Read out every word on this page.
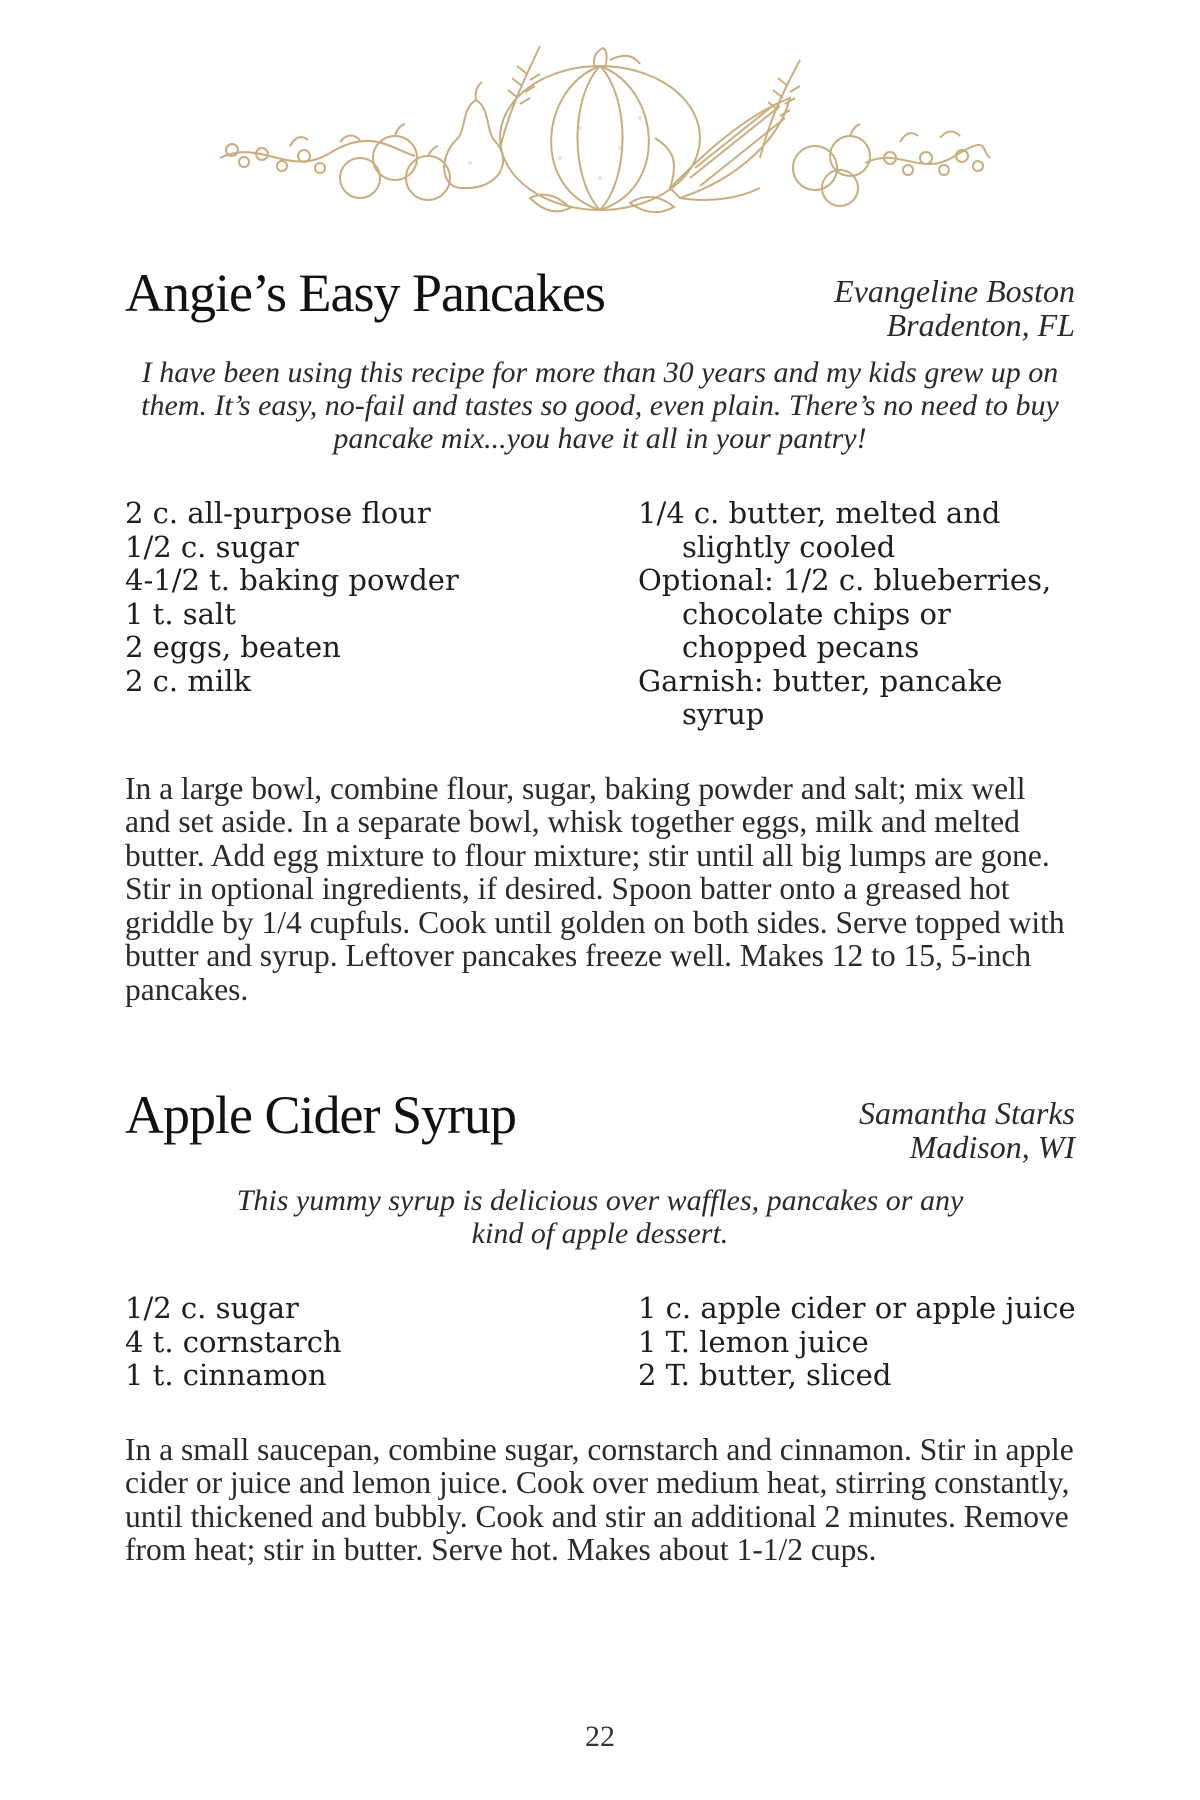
Angie’s Easy Pancakes	Evangeline Boston
Bradenton, FL

I have been using this recipe for more than 30 years and my kids grew up on them. It’s easy, no-fail and tastes so good, even plain. There’s no need to buy pancake mix...you have it all in your pantry!

2 c. all-purpose flour
1/2 c. sugar
4-1/2 t. baking powder
1 t. salt
2 eggs, beaten
2 c. milk
1/4 c. butter, melted and slightly cooled
Optional: 1/2 c. blueberries, chocolate chips or chopped pecans
Garnish: butter, pancake syrup

In a large bowl, combine flour, sugar, baking powder and salt; mix well and set aside. In a separate bowl, whisk together eggs, milk and melted butter. Add egg mixture to flour mixture; stir until all big lumps are gone. Stir in optional ingredients, if desired. Spoon batter onto a greased hot griddle by 1/4 cupfuls. Cook until golden on both sides. Serve topped with butter and syrup. Leftover pancakes freeze well. Makes 12 to 15, 5-inch pancakes.

Apple Cider Syrup	Samantha Starks
Madison, WI

This yummy syrup is delicious over waffles, pancakes or any kind of apple dessert.

1/2 c. sugar
4 t. cornstarch
1 t. cinnamon
1 c. apple cider or apple juice
1 T. lemon juice
2 T. butter, sliced

In a small saucepan, combine sugar, cornstarch and cinnamon. Stir in apple cider or juice and lemon juice. Cook over medium heat, stirring constantly, until thickened and bubbly. Cook and stir an additional 2 minutes. Remove from heat; stir in butter. Serve hot. Makes about 1-1/2 cups.

22
